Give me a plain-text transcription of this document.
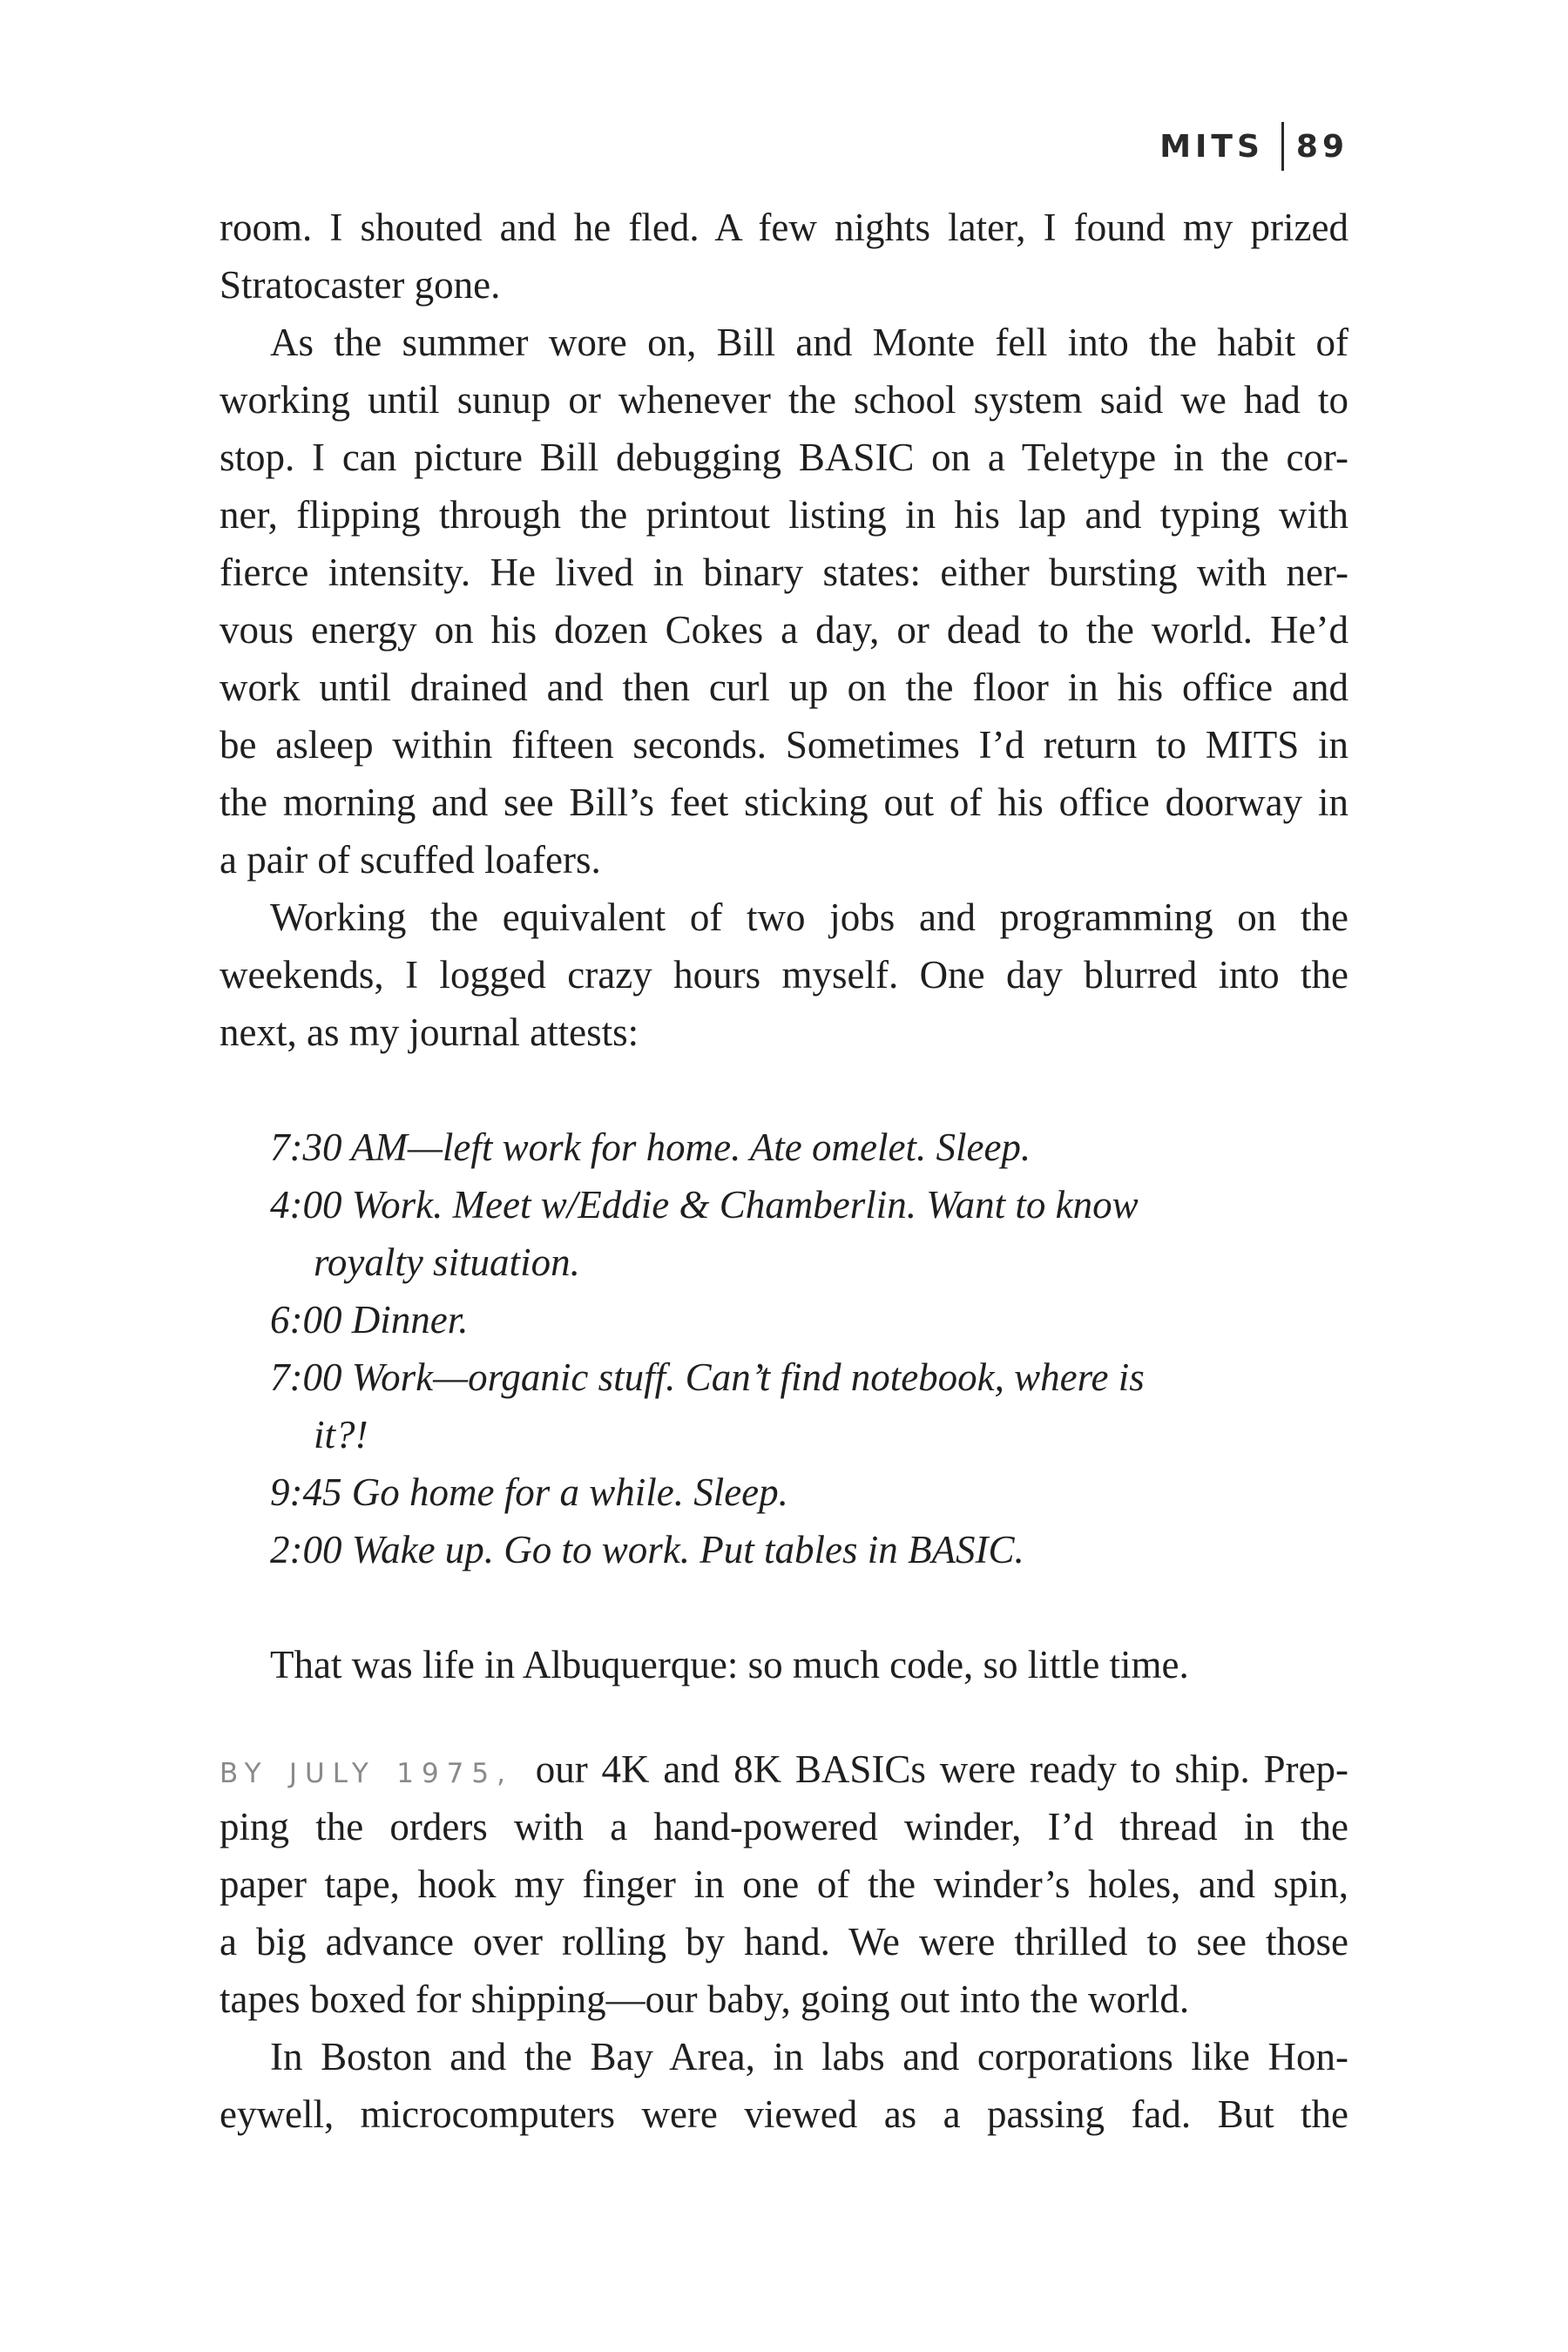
MITS 89
room. I shouted and he fled. A few nights later, I found my prized
Stratocaster gone.
As the summer wore on, Bill and Monte fell into the habit of
working until sunup or whenever the school system said we had to
stop. I can picture Bill debugging BASIC on a Teletype in the cor-
ner, flipping through the printout listing in his lap and typing with
fierce intensity. He lived in binary states: either bursting with ner-
vous energy on his dozen Cokes a day, or dead to the world. He’d
work until drained and then curl up on the floor in his office and
be asleep within fifteen seconds. Sometimes I’d return to MITS in
the morning and see Bill’s feet sticking out of his office doorway in
a pair of scuffed loafers.
Working the equivalent of two jobs and programming on the
weekends, I logged crazy hours myself. One day blurred into the
next, as my journal attests:
7:30 AM—left work for home. Ate omelet. Sleep.
4:00 Work. Meet w/Eddie & Chamberlin. Want to know
royalty situation.
6:00 Dinner.
7:00 Work—organic stuff. Can’t find notebook, where is
it?!
9:45 Go home for a while. Sleep.
2:00 Wake up. Go to work. Put tables in BASIC.
That was life in Albuquerque: so much code, so little time.
BY JULY 1975, our 4K and 8K BASICs were ready to ship. Prep-
ping the orders with a hand-powered winder, I’d thread in the
paper tape, hook my finger in one of the winder’s holes, and spin,
a big advance over rolling by hand. We were thrilled to see those
tapes boxed for shipping—our baby, going out into the world.
In Boston and the Bay Area, in labs and corporations like Hon-
eywell, microcomputers were viewed as a passing fad. But the
